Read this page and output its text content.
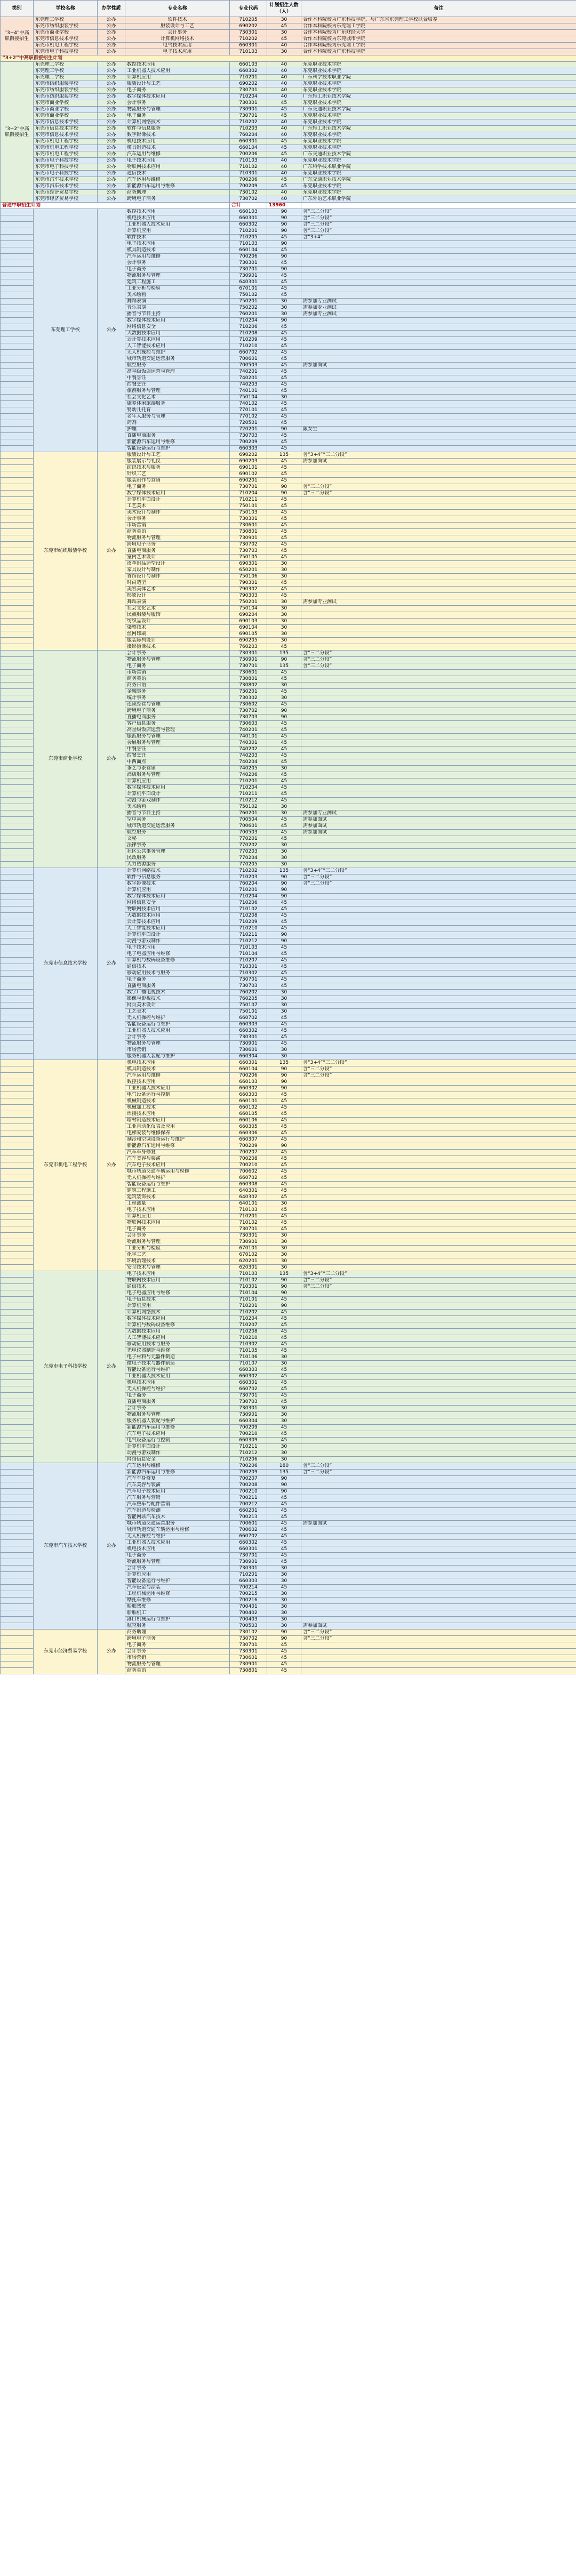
类别	学校名称	办学性质	专业名称	专业代码	计划招生人数（人）	备注
“3+4”中高职衔接招生	东莞理工学校	公办	软件技术	710205	30	合作本科院校为广东科技学院，与广东省东莞理工学校联合培养
	东莞市纺织服装学校	公办	服装设计与工艺	690202	45	合作本科院校为东莞理工学院
	东莞市商业学校	公办	会计事务	730301	30	合作本科院校为广东财经大学
	东莞市信息技术学校	公办	计算机网络技术	710202	45	合作本科院校为东莞城市学院
	东莞市机电工程学校	公办	电气技术应用	660301	40	合作本科院校为东莞理工学院
	东莞市电子科技学校	公办	电子技术应用	710103	30	合作本科院校为广东科技学院
“3+2”中高职衔接招生计划						
“3+2”中高职衔接招生	东莞理工学校	公办	数控技术应用	660103	40	东莞职业技术学院
	东莞理工学校	公办	工业机器人技术应用	660302	40	东莞职业技术学院
	东莞理工学校	公办	计算机应用	710201	40	广东科学技术职业学院
	东莞市纺织服装学校	公办	服装设计与工艺	690202	40	东莞职业技术学院
	东莞市纺织服装学校	公办	电子商务	730701	40	东莞职业技术学院
	东莞市纺织服装学校	公办	数字媒体技术应用	710204	40	广东轻工职业技术学院
	东莞市商业学校	公办	会计事务	730301	45	东莞职业技术学院
	东莞市商业学校	公办	物流服务与管理	730901	45	广东交通职业技术学院
	东莞市商业学校	公办	电子商务	730701	45	东莞职业技术学院
	东莞市信息技术学校	公办	计算机网络技术	710202	40	东莞职业技术学院
	东莞市信息技术学校	公办	软件与信息服务	710203	40	广东轻工职业技术学院
	东莞市信息技术学校	公办	数字影像技术	760204	40	东莞职业技术学院
	东莞市机电工程学校	公办	机电技术应用	660301	45	东莞职业技术学院
	东莞市机电工程学校	公办	模具制造技术	660104	45	东莞职业技术学院
	东莞市机电工程学校	公办	汽车运用与维修	700206	45	广东交通职业技术学院
	东莞市电子科技学校	公办	电子技术应用	710103	40	东莞职业技术学院
	东莞市电子科技学校	公办	物联网技术应用	710102	40	广东科学技术职业学院
	东莞市电子科技学校	公办	通信技术	710301	40	东莞职业技术学院
	东莞市汽车技术学校	公办	汽车运用与维修	700206	45	广东交通职业技术学院
	东莞市汽车技术学校	公办	新能源汽车运用与维修	700209	45	东莞职业技术学院
	东莞市经济贸易学校	公办	商务助理	730102	40	东莞职业技术学院
	东莞市经济贸易学校	公办	跨境电子商务	730702	40	广东外语艺术职业学院
普通中职招生计划				合计	13960	
	东莞理工学校	公办	数控技术应用	660103	90	含“三二分段”
			机电技术应用	660301	90	含“三二分段”
			工业机器人技术应用	660302	90	含“三二分段”
			计算机应用	710201	90	含“三二分段”
			软件技术	710205	45	含“3+4”
			电子技术应用	710103	90	
			模具制造技术	660104	45	
			汽车运用与维修	700206	90	
			会计事务	730301	45	
			电子商务	730701	90	
			物流服务与管理	730901	45	
			建筑工程施工	640301	45	
			工业分析与检验	670101	45	
			美术绘画	750102	45	
			舞蹈表演	750201	30	需参加专业测试
			音乐表演	750202	30	需参加专业测试
			播音与节目主持	760201	30	需参加专业测试
			数字媒体技术应用	710204	90	
			网络信息安全	710206	45	
			大数据技术应用	710208	45	
			云计算技术应用	710209	45	
			人工智能技术应用	710210	45	
			无人机操控与维护	660702	45	
			城市轨道交通运营服务	700601	45	
			航空服务	700503	45	需参加面试
			高星级饭店运营与管理	740201	45	
			中餐烹饪	740201	45	
			西餐烹饪	740203	45	
			旅游服务与管理	740101	45	
			社会文化艺术	750104	30	
			康养休闲旅游服务	740102	45	
			婴幼儿托育	770101	45	
			老年人服务与管理	770102	45	
			药剂	720501	45	
			护理	720201	90	限女生
			直播电商服务	730703	45	
			新能源汽车运用与维修	700209	45	
			智能设备运行与维护	660303	45	
	东莞市纺织服装学校	公办	服装设计与工艺	690202	135	含“3+4”“三二分段”
			服装展示与礼仪	690203	45	需参加面试
			纺织技术与服务	690101	45	
			针织工艺	690102	45	
			服装制作与营销	690201	45	
			电子商务	730701	90	含“三二分段”
			数字媒体技术应用	710204	90	含“三二分段”
			计算机平面设计	710211	45	
			工艺美术	750101	45	
			美术设计与制作	750103	45	
			会计事务	730301	45	
			市场营销	730601	45	
			商务英语	730801	45	
			物流服务与管理	730901	45	
			跨境电子商务	730702	45	
			直播电商服务	730703	45	
			室内艺术设计	750105	45	
			皮革制品造型设计	690301	30	
			家具设计与制作	650201	30	
			首饰设计与制作	750106	30	
			时尚造型	790301	45	
			美容美体艺术	790302	45	
			形象设计	790303	45	
			舞蹈表演	750201	30	需参加专业测试
			社会文化艺术	750104	30	
			民族服装与服饰	690204	30	
			纺织品设计	690103	30	
			染整技术	690104	30	
			丝网印刷	690105	30	
			服装陈列设计	690205	30	
			摄影摄像技术	760203	45	
	东莞市商业学校	公办	会计事务	730301	135	含“三二分段”
			物流服务与管理	730901	90	含“三二分段”
			电子商务	730701	135	含“三二分段”
			市场营销	730601	45	
			商务英语	730801	45	
			商务日语	730802	30	
			金融事务	730201	45	
			统计事务	730302	30	
			连锁经营与管理	730602	45	
			跨境电子商务	730702	90	
			直播电商服务	730703	90	
			客户信息服务	730603	45	
			高星级饭店运营与管理	740201	45	
			旅游服务与管理	740101	45	
			会展服务与管理	740301	45	
			中餐烹饪	740202	45	
			西餐烹饪	740203	45	
			中西面点	740204	45	
			茶艺与茶营销	740205	30	
			酒店服务与管理	740206	45	
			计算机应用	710201	45	
			数字媒体技术应用	710204	45	
			计算机平面设计	710211	45	
			动漫与游戏制作	710212	45	
			美术绘画	750102	30	
			播音与节目主持	760201	30	需参加专业测试
			空中乘务	700504	45	需参加面试
			城市轨道交通运营服务	700601	45	需参加面试
			航空服务	700503	45	需参加面试
			文秘	770201	45	
			法律事务	770202	30	
			社区公共事务管理	770203	30	
			民政服务	770204	30	
			人力资源服务	770205	30	
	东莞市信息技术学校	公办	计算机网络技术	710202	135	含“3+4”“三二分段”
			软件与信息服务	710203	90	含“三二分段”
			数字影像技术	760204	90	含“三二分段”
			计算机应用	710201	90	
			数字媒体技术应用	710204	90	
			网络信息安全	710206	45	
			物联网技术应用	710102	45	
			大数据技术应用	710208	45	
			云计算技术应用	710209	45	
			人工智能技术应用	710210	45	
			计算机平面设计	710211	90	
			动漫与游戏制作	710212	90	
			电子技术应用	710103	45	
			电子电器应用与维修	710104	45	
			计算机与数码设备维修	710207	45	
			通信技术	710301	45	
			移动应用技术与服务	710302	45	
			电子商务	730701	45	
			直播电商服务	730703	45	
			数字广播电视技术	760202	30	
			影像与影视技术	760205	30	
			网页美术设计	750107	30	
			工艺美术	750101	30	
			无人机操控与维护	660702	45	
			智能设备运行与维护	660303	45	
			工业机器人技术应用	660302	45	
			会计事务	730301	45	
			物流服务与管理	730901	45	
			市场营销	730601	30	
			服务机器人装配与维护	660304	30	
	东莞市机电工程学校	公办	机电技术应用	660301	135	含“3+4”“三二分段”
			模具制造技术	660104	90	含“三二分段”
			汽车运用与维修	700206	90	含“三二分段”
			数控技术应用	660103	90	
			工业机器人技术应用	660302	90	
			电气设备运行与控制	660303	45	
			机械制造技术	660101	45	
			机械加工技术	660102	45	
			焊接技术应用	660105	45	
			增材制造技术应用	660106	45	
			工业自动化仪表及应用	660305	45	
			电梯安装与维修保养	660306	45	
			制冷和空调设备运行与维护	660307	45	
			新能源汽车运用与维修	700209	90	
			汽车车身修复	700207	45	
			汽车美容与装潢	700208	45	
			汽车电子技术应用	700210	45	
			城市轨道交通车辆运用与检修	700602	45	
			无人机操控与维护	660702	45	
			智能设备运行与维护	660308	45	
			建筑工程施工	640301	45	
			建筑装饰技术	640302	45	
			工程测量	640101	30	
			电子技术应用	710103	45	
			计算机应用	710201	45	
			物联网技术应用	710102	45	
			电子商务	730701	45	
			会计事务	730301	30	
			物流服务与管理	730901	30	
			工业分析与检验	670101	30	
			化学工艺	670102	30	
			环境治理技术	620201	30	
			安全技术与管理	620301	30	
	东莞市电子科技学校	公办	电子技术应用	710103	135	含“3+4”“三二分段”
			物联网技术应用	710102	90	含“三二分段”
			通信技术	710301	90	含“三二分段”
			电子电器应用与维修	710104	90	
			电子信息技术	710101	45	
			计算机应用	710201	90	
			计算机网络技术	710202	45	
			数字媒体技术应用	710204	45	
			计算机与数码设备维修	710207	45	
			大数据技术应用	710208	45	
			人工智能技术应用	710210	45	
			移动应用技术与服务	710302	45	
			光电仪器制造与维修	710105	45	
			电子材料与元器件制造	710106	30	
			微电子技术与器件制造	710107	30	
			智能设备运行与维护	660303	45	
			工业机器人技术应用	660302	45	
			机电技术应用	660301	45	
			无人机操控与维护	660702	45	
			电子商务	730701	45	
			直播电商服务	730703	45	
			会计事务	730301	30	
			物流服务与管理	730901	30	
			服务机器人装配与维护	660304	30	
			新能源汽车运用与维修	700209	45	
			汽车电子技术应用	700210	45	
			电气设备运行与控制	660309	45	
			计算机平面设计	710211	30	
			动漫与游戏制作	710212	30	
			网络信息安全	710206	30	
	东莞市汽车技术学校	公办	汽车运用与维修	700206	180	含“三二分段”
			新能源汽车运用与维修	700209	135	含“三二分段”
			汽车车身修复	700207	90	
			汽车美容与装潢	700208	90	
			汽车电子技术应用	700210	90	
			汽车服务与营销	700211	45	
			汽车整车与配件营销	700212	45	
			汽车制造与检测	660201	45	
			智能网联汽车技术	700213	45	
			城市轨道交通运营服务	700601	45	需参加面试
			城市轨道交通车辆运用与检修	700602	45	
			无人机操控与维护	660702	45	
			工业机器人技术应用	660302	45	
			机电技术应用	660301	45	
			电子商务	730701	45	
			物流服务与管理	730901	45	
			会计事务	730301	30	
			计算机应用	710201	30	
			智能设备运行与维护	660303	30	
			汽车钣金与涂装	700214	45	
			工程机械运用与维修	700215	30	
			摩托车维修	700216	30	
			船舶驾驶	700401	30	
			船舶机工	700402	30	
			港口机械运行与维护	700403	30	
			航空服务	700503	30	需参加面试
	东莞市经济贸易学校	公办	商务助理	730102	90	含“三二分段”
			跨境电子商务	730702	90	含“三二分段”
			电子商务	730701	45	
			会计事务	730301	45	
			市场营销	730601	45	
			物流服务与管理	730901	45	
			商务英语	730801	45	
